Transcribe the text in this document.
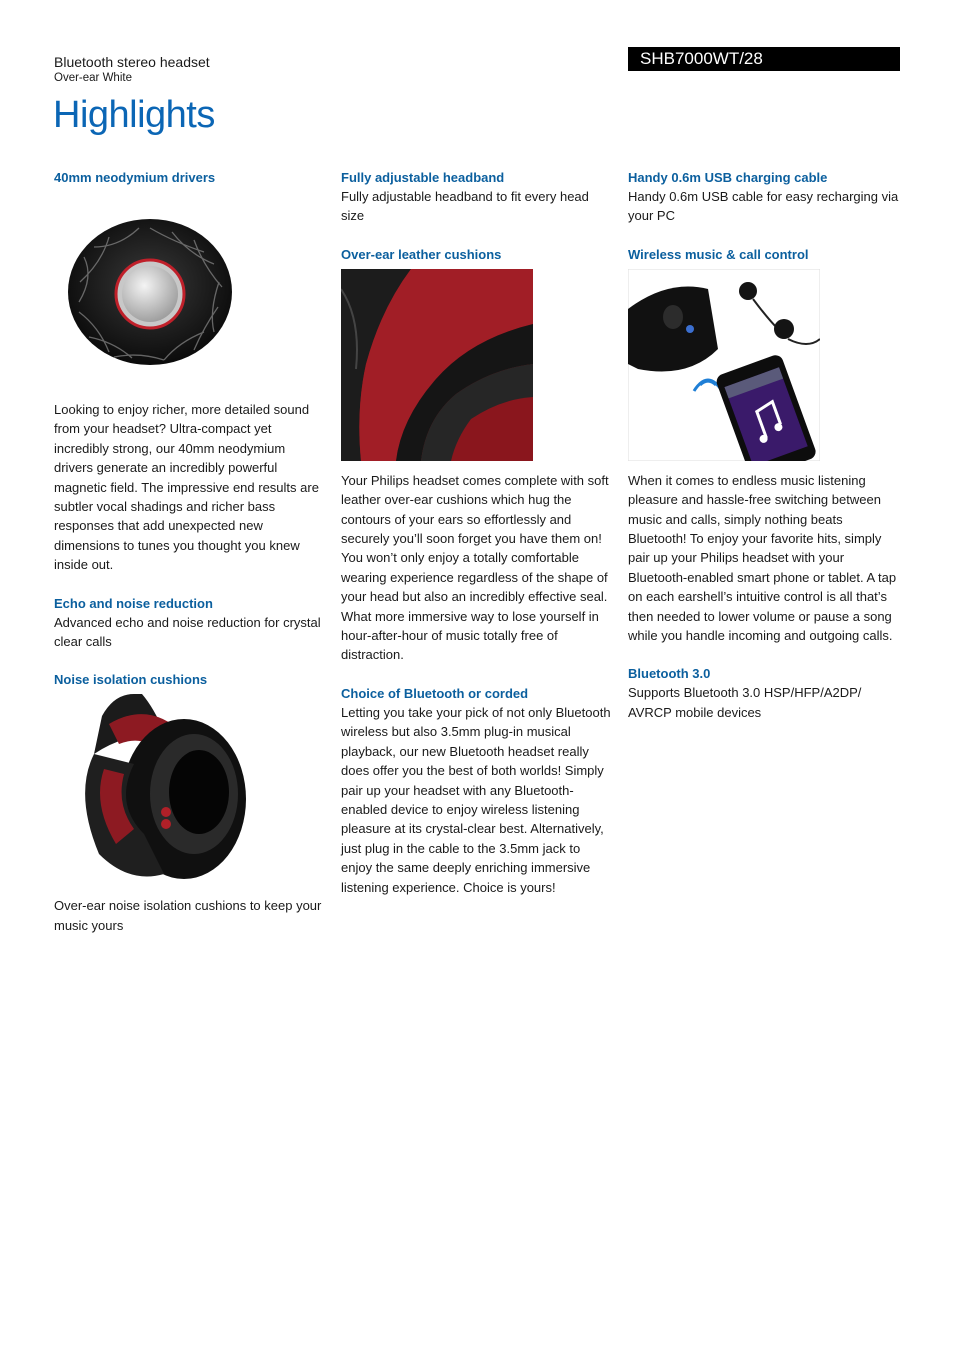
Bluetooth stereo headset
Over-ear White
SHB7000WT/28
Highlights

40mm neodymium drivers

Looking to enjoy richer, more detailed sound from your headset? Ultra-compact yet incredibly strong, our 40mm neodymium drivers generate an incredibly powerful magnetic field. The impressive end results are subtler vocal shadings and richer bass responses that add unexpected new dimensions to tunes you thought you knew inside out.

Echo and noise reduction

Advanced echo and noise reduction for crystal clear calls

Noise isolation cushions

Over-ear noise isolation cushions to keep your music yours

Fully adjustable headband

Fully adjustable headband to fit every head size

Over-ear leather cushions

Your Philips headset comes complete with soft leather over-ear cushions which hug the contours of your ears so effortlessly and securely you’ll soon forget you have them on! You won’t only enjoy a totally comfortable wearing experience regardless of the shape of your head but also an incredibly effective seal. What more immersive way to lose yourself in hour-after-hour of music totally free of distraction.

Choice of Bluetooth or corded

Letting you take your pick of not only Bluetooth wireless but also 3.5mm plug-in musical playback, our new Bluetooth headset really does offer you the best of both worlds! Simply pair up your headset with any Bluetooth-enabled device to enjoy wireless listening pleasure at its crystal-clear best. Alternatively, just plug in the cable to the 3.5mm jack to enjoy the same deeply enriching immersive listening experience. Choice is yours!

Handy 0.6m USB charging cable

Handy 0.6m USB cable for easy recharging via your PC

Wireless music & call control

When it comes to endless music listening pleasure and hassle-free switching between music and calls, simply nothing beats Bluetooth! To enjoy your favorite hits, simply pair up your Philips headset with your Bluetooth-enabled smart phone or tablet. A tap on each earshell’s intuitive control is all that’s then needed to lower volume or pause a song while you handle incoming and outgoing calls.

Bluetooth 3.0

Supports Bluetooth 3.0 HSP/HFP/A2DP/ AVRCP mobile devices
